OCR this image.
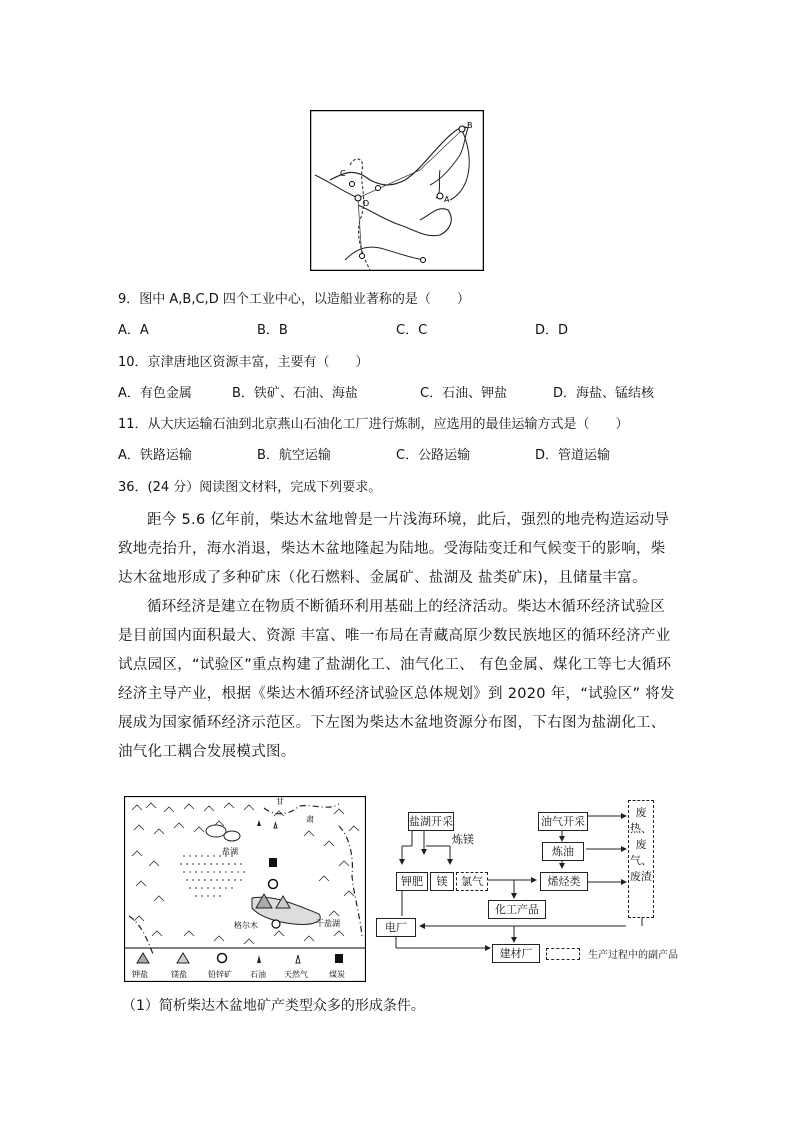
B
A
C
D
9．图中 A,B,C,D 四个工业中心，以造船业著称的是（　　）
A．A	B．B	C．C	D．D
10．京津唐地区资源丰富，主要有（　　）
A．有色金属	B．铁矿、石油、海盐	C．石油、钾盐	D．海盐、锰结核
11．从大庆运输石油到北京燕山石油化工厂进行炼制，应选用的最佳运输方式是（　　）
A．铁路运输	B．航空运输	C．公路运输	D．管道运输
36．(24 分）阅读图文材料，完成下列要求。

距今 5.6 亿年前，柴达木盆地曾是一片浅海环境，此后，强烈的地壳构造运动导致地壳抬升，海水消退，柴达木盆地隆起为陆地。受海陆变迁和气候变干的影响，柴达木盆地形成了多种矿床（化石燃料、金属矿、盐湖及 盐类矿床)，且储量丰富。

循环经济是建立在物质不断循环利用基础上的经济活动。柴达木循环经济试验区是目前国内面积最大、资源 丰富、唯一布局在青藏高原少数民族地区的循环经济产业试点园区，“试验区”重点构建了盐湖化工、油气化工、 有色金属、煤化工等七大循环经济主导产业，根据《柴达木循环经济试验区总体规划》到 2020 年，“试验区” 将发展成为国家循环经济示范区。下左图为柴达木盆地资源分布图，下右图为盐湖化工、油气化工耦合发展模式图。

甘
肃
盐湖
格尔木	干盐湖
钾盐	镁盐	铅锌矿 石油 天然气	煤炭
盐湖开采
炼镁
钾肥	镁	氯气
油气开采
炼油
烯烃类
化工产品
电厂
建材厂
废热、废气、废渣
生产过程中的副产品
（1）简析柴达木盆地矿产类型众多的形成条件。
